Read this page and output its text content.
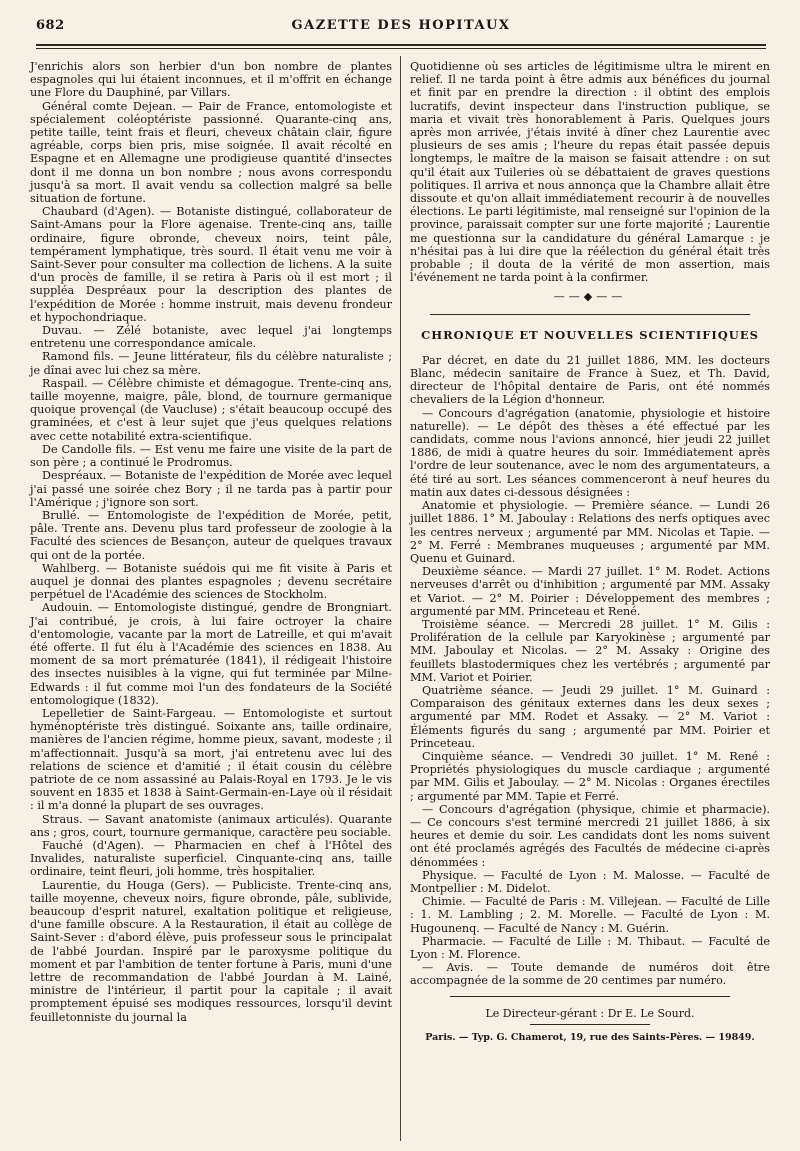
GAZETTE DES HOPITAUX
682

J'enrichis alors son herbier d'un bon nombre de plantes espagnoles qui lui étaient inconnues, et il m'offrit en échange une Flore du Dauphiné, par Villars.

Général comte Dejean. — Pair de France, entomologiste et spécialement coléoptériste passionné. Quarante-cinq ans, petite taille, teint frais et fleuri, cheveux châtain clair, figure agréable, corps bien pris, mise soignée. Il avait récolté en Espagne et en Allemagne une prodigieuse quantité d'insectes dont il me donna un bon nombre ; nous avons correspondu jusqu'à sa mort. Il avait vendu sa collection malgré sa belle situation de fortune.

Chaubard (d'Agen). — Botaniste distingué, collaborateur de Saint-Amans pour la Flore agenaise. Trente-cinq ans, taille ordinaire, figure obronde, cheveux noirs, teint pâle, tempérament lymphatique, très sourd. Il était venu me voir à Saint-Sever pour consulter ma collection de lichens. A la suite d'un procès de famille, il se retira à Paris où il est mort ; il suppléa Despréaux pour la description des plantes de l'expédition de Morée : homme instruit, mais devenu frondeur et hypochondriaque.

Duvau. — Zélé botaniste, avec lequel j'ai longtemps entretenu une correspondance amicale.

Ramond fils. — Jeune littérateur, fils du célèbre naturaliste ; je dînai avec lui chez sa mère.

Raspail. — Célèbre chimiste et démagogue. Trente-cinq ans, taille moyenne, maigre, pâle, blond, de tournure germanique quoique provençal (de Vaucluse) ; s'était beaucoup occupé des graminées, et c'est à leur sujet que j'eus quelques relations avec cette notabilité extra-scientifique.

De Candolle fils. — Est venu me faire une visite de la part de son père ; a continué le Prodromus.

Despréaux. — Botaniste de l'expédition de Morée avec lequel j'ai passé une soirée chez Bory ; il ne tarda pas à partir pour l'Amérique ; j'ignore son sort.

Brullé. — Entomologiste de l'expédition de Morée, petit, pâle. Trente ans. Devenu plus tard professeur de zoologie à la Faculté des sciences de Besançon, auteur de quelques travaux qui ont de la portée.

Wahlberg. — Botaniste suédois qui me fit visite à Paris et auquel je donnai des plantes espagnoles ; devenu secrétaire perpétuel de l'Académie des sciences de Stockholm.

Audouin. — Entomologiste distingué, gendre de Brongniart. J'ai contribué, je crois, à lui faire octroyer la chaire d'entomologie, vacante par la mort de Latreille, et qui m'avait été offerte. Il fut élu à l'Académie des sciences en 1838. Au moment de sa mort prématurée (1841), il rédigeait l'histoire des insectes nuisibles à la vigne, qui fut terminée par Milne-Edwards : il fut comme moi l'un des fondateurs de la Société entomologique (1832).

Lepelletier de Saint-Fargeau. — Entomologiste et surtout hyménoptériste très distingué. Soixante ans, taille ordinaire, manières de l'ancien régime, homme pieux, savant, modeste ; il m'affectionnait. Jusqu'à sa mort, j'ai entretenu avec lui des relations de science et d'amitié ; il était cousin du célèbre patriote de ce nom assassiné au Palais-Royal en 1793. Je le vis souvent en 1835 et 1838 à Saint-Germain-en-Laye où il résidait : il m'a donné la plupart de ses ouvrages.

Straus. — Savant anatomiste (animaux articulés). Quarante ans ; gros, court, tournure germanique, caractère peu sociable.

Fauché (d'Agen). — Pharmacien en chef à l'Hôtel des Invalides, naturaliste superficiel. Cinquante-cinq ans, taille ordinaire, teint fleuri, joli homme, très hospitalier.

Laurentie, du Houga (Gers). — Publiciste. Trente-cinq ans, taille moyenne, cheveux noirs, figure obronde, pâle, sublivide, beaucoup d'esprit naturel, exaltation politique et religieuse, d'une famille obscure. A la Restauration, il était au collège de Saint-Sever : d'abord élève, puis professeur sous le principalat de l'abbé Jourdan. Inspiré par le paroxysme politique du moment et par l'ambition de tenter fortune à Paris, muni d'une lettre de recommandation de l'abbé Jourdan à M. Lainé, ministre de l'intérieur, il partit pour la capitale ; il avait promptement épuisé ses modiques ressources, lorsqu'il devint feuilletonniste du journal la

Quotidienne où ses articles de légitimisme ultra le mirent en relief. Il ne tarda point à être admis aux bénéfices du journal et finit par en prendre la direction : il obtint des emplois lucratifs, devint inspecteur dans l'instruction publique, se maria et vivait très honorablement à Paris. Quelques jours après mon arrivée, j'étais invité à dîner chez Laurentie avec plusieurs de ses amis ; l'heure du repas était passée depuis longtemps, le maître de la maison se faisait attendre : on sut qu'il était aux Tuileries où se débattaient de graves questions politiques. Il arriva et nous annonça que la Chambre allait être dissoute et qu'on allait immédiatement recourir à de nouvelles élections. Le parti légitimiste, mal renseigné sur l'opinion de la province, paraissait compter sur une forte majorité ; Laurentie me questionna sur la candidature du général Lamarque : je n'hésitai pas à lui dire que la réélection du général était très probable ; il douta de la vérité de mon assertion, mais l'événement ne tarda point à la confirmer.

——◆——
CHRONIQUE ET NOUVELLES SCIENTIFIQUES

Par décret, en date du 21 juillet 1886, MM. les docteurs Blanc, médecin sanitaire de France à Suez, et Th. David, directeur de l'hôpital dentaire de Paris, ont été nommés chevaliers de la Légion d'honneur.

— Concours d'agrégation (anatomie, physiologie et histoire naturelle). — Le dépôt des thèses a été effectué par les candidats, comme nous l'avions annoncé, hier jeudi 22 juillet 1886, de midi à quatre heures du soir. Immédiatement après l'ordre de leur soutenance, avec le nom des argumentateurs, a été tiré au sort. Les séances commenceront à neuf heures du matin aux dates ci-dessous désignées :

Anatomie et physiologie. — Première séance. — Lundi 26 juillet 1886. 1° M. Jaboulay : Relations des nerfs optiques avec les centres nerveux ; argumenté par MM. Nicolas et Tapie. — 2° M. Ferré : Membranes muqueuses ; argumenté par MM. Quenu et Guinard.

Deuxième séance. — Mardi 27 juillet. 1° M. Rodet. Actions nerveuses d'arrêt ou d'inhibition ; argumenté par MM. Assaky et Variot. — 2° M. Poirier : Développement des membres ; argumenté par MM. Princeteau et René.

Troisième séance. — Mercredi 28 juillet. 1° M. Gilis : Prolifération de la cellule par Karyokinèse ; argumenté par MM. Jaboulay et Nicolas. — 2° M. Assaky : Origine des feuillets blastodermiques chez les vertébrés ; argumenté par MM. Variot et Poirier.

Quatrième séance. — Jeudi 29 juillet. 1° M. Guinard : Comparaison des génitaux externes dans les deux sexes ; argumenté par MM. Rodet et Assaky. — 2° M. Variot : Éléments figurés du sang ; argumenté par MM. Poirier et Princeteau.

Cinquième séance. — Vendredi 30 juillet. 1° M. René : Propriétés physiologiques du muscle cardiaque ; argumenté par MM. Gilis et Jaboulay. — 2° M. Nicolas : Organes érectiles ; argumenté par MM. Tapie et Ferré.

— Concours d'agrégation (physique, chimie et pharmacie). — Ce concours s'est terminé mercredi 21 juillet 1886, à six heures et demie du soir. Les candidats dont les noms suivent ont été proclamés agrégés des Facultés de médecine ci-après dénommées :

Physique. — Faculté de Lyon : M. Malosse. — Faculté de Montpellier : M. Didelot.

Chimie. — Faculté de Paris : M. Villejean. — Faculté de Lille : 1. M. Lambling ; 2. M. Morelle. — Faculté de Lyon : M. Hugounenq. — Faculté de Nancy : M. Guérin.

Pharmacie. — Faculté de Lille : M. Thibaut. — Faculté de Lyon : M. Florence.

— Avis. — Toute demande de numéros doit être accompagnée de la somme de 20 centimes par numéro.

Le Directeur-gérant : Dr E. Le Sourd.
Paris. — Typ. G. Chamerot, 19, rue des Saints-Pères. — 19849.
